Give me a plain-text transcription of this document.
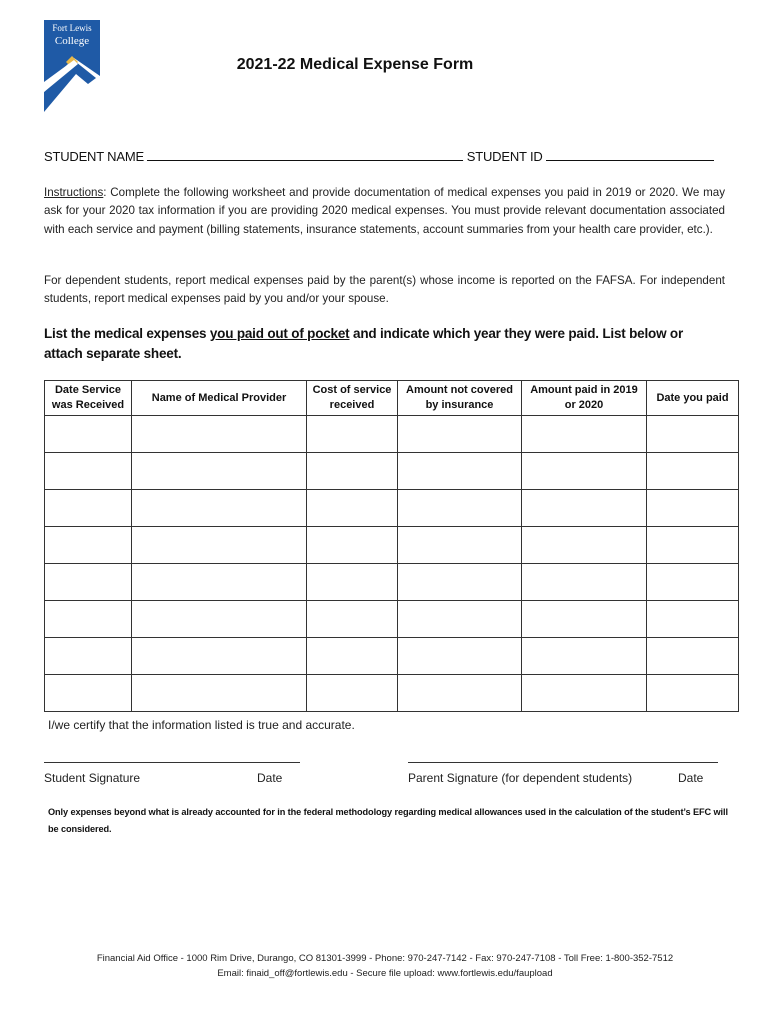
Fort Lewis
College
2021-22 Medical Expense Form
STUDENT NAME	STUDENT ID
Instructions: Complete the following worksheet and provide documentation of medical expenses you paid in 2019 or 2020. We may ask for your 2020 tax information if you are providing 2020 medical expenses. You must provide relevant documentation associated with each service and payment (billing statements, insurance statements, account summaries from your health care provider, etc.).
For dependent students, report medical expenses paid by the parent(s) whose income is reported on the FAFSA. For independent students, report medical expenses paid by you and/or your spouse.
List the medical expenses you paid out of pocket and indicate which year they were paid. List below or attach separate sheet.
Date Service was Received	Name of Medical Provider	Cost of service received	Amount not covered by insurance	Amount paid in 2019 or 2020	Date you paid

I/we certify that the information listed is true and accurate.
Student Signature	Date	Parent Signature (for dependent students)	Date
Only expenses beyond what is already accounted for in the federal methodology regarding medical allowances used in the calculation of the student’s EFC will be considered.
Financial Aid Office - 1000 Rim Drive, Durango, CO 81301-3999 - Phone: 970-247-7142 - Fax: 970-247-7108 - Toll Free: 1-800-352-7512
Email: finaid_off@fortlewis.edu - Secure file upload: www.fortlewis.edu/faupload
